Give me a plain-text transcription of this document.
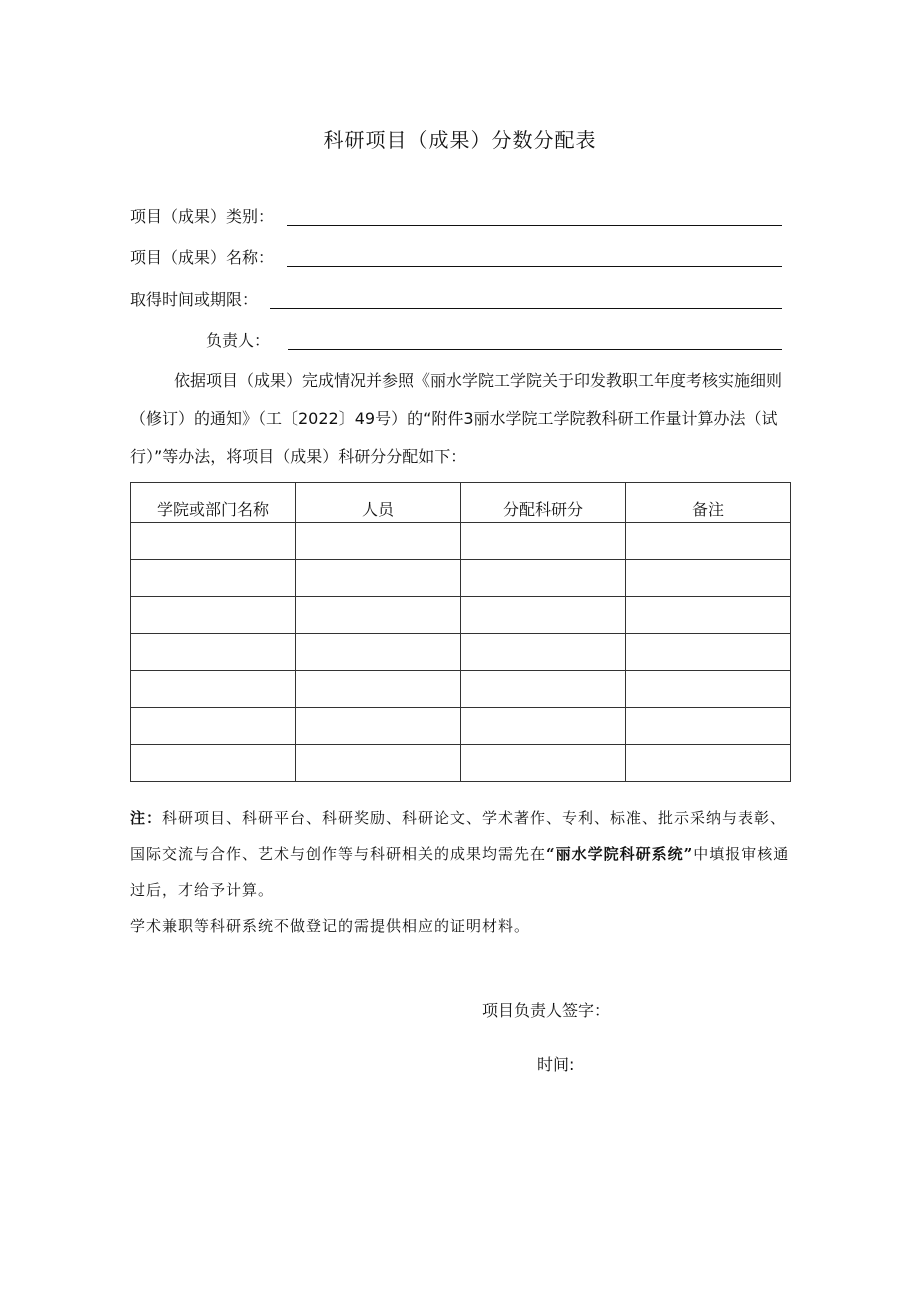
科研项目（成果）分数分配表
项目（成果）类别：
项目（成果）名称：
取得时间或期限：
负责人：
依据项目（成果）完成情况并参照《丽水学院工学院关于印发教职工年度考核实施细则（修订）的通知》（工〔2022〕49号）的“附件3丽水学院工学院教科研工作量计算办法（试行）”等办法，将项目（成果）科研分分配如下：
学院或部门名称	人员	分配科研分	备注

注：科研项目、科研平台、科研奖励、科研论文、学术著作、专利、标准、批示采纳与表彰、国际交流与合作、艺术与创作等与科研相关的成果均需先在“丽水学院科研系统”中填报审核通过后，才给予计算。
学术兼职等科研系统不做登记的需提供相应的证明材料。
项目负责人签字：
时间:
